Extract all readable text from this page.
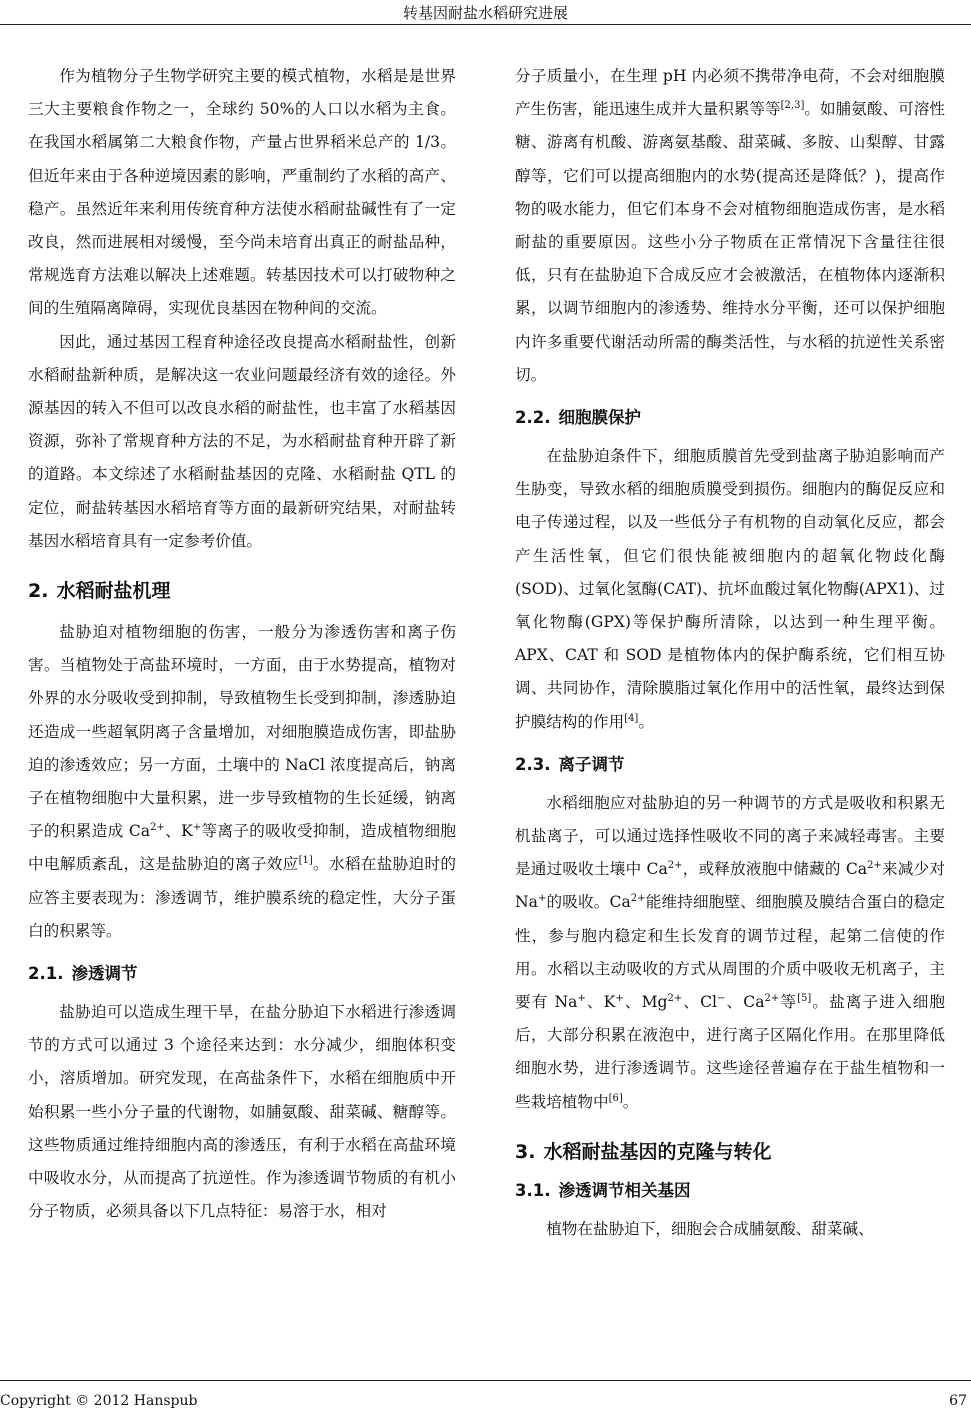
转基因耐盐水稻研究进展

作为植物分子生物学研究主要的模式植物，水稻是是世界三大主要粮食作物之一，全球约 50%的人口以水稻为主食。在我国水稻属第二大粮食作物，产量占世界稻米总产的 1/3。但近年来由于各种逆境因素的影响，严重制约了水稻的高产、稳产。虽然近年来利用传统育种方法使水稻耐盐碱性有了一定改良，然而进展相对缓慢，至今尚未培育出真正的耐盐品种，常规选育方法难以解决上述难题。转基因技术可以打破物种之间的生殖隔离障碍，实现优良基因在物种间的交流。

因此，通过基因工程育种途径改良提高水稻耐盐性，创新水稻耐盐新种质，是解决这一农业问题最经济有效的途径。外源基因的转入不但可以改良水稻的耐盐性，也丰富了水稻基因资源，弥补了常规育种方法的不足，为水稻耐盐育种开辟了新的道路。本文综述了水稻耐盐基因的克隆、水稻耐盐 QTL 的定位，耐盐转基因水稻培育等方面的最新研究结果，对耐盐转基因水稻培育具有一定参考价值。

2. 水稻耐盐机理

盐胁迫对植物细胞的伤害，一般分为渗透伤害和离子伤害。当植物处于高盐环境时，一方面，由于水势提高，植物对外界的水分吸收受到抑制，导致植物生长受到抑制，渗透胁迫还造成一些超氧阴离子含量增加，对细胞膜造成伤害，即盐胁迫的渗透效应；另一方面，土壤中的 NaCl 浓度提高后，钠离子在植物细胞中大量积累，进一步导致植物的生长延缓，钠离子的积累造成 $Ca^{2+}$、K+等离子的吸收受抑制，造成植物细胞中电解质紊乱，这是盐胁迫的离子效应[1]。水稻在盐胁迫时的应答主要表现为：渗透调节，维护膜系统的稳定性，大分子蛋白的积累等。

2.1. 渗透调节

盐胁迫可以造成生理干旱，在盐分胁迫下水稻进行渗透调节的方式可以通过 3 个途径来达到：水分减少，细胞体积变小，溶质增加。研究发现，在高盐条件下，水稻在细胞质中开始积累一些小分子量的代谢物，如脯氨酸、甜菜碱、糖醇等。这些物质通过维持细胞内高的渗透压，有利于水稻在高盐环境中吸收水分，从而提高了抗逆性。作为渗透调节物质的有机小分子物质，必须具备以下几点特征：易溶于水，相对

分子质量小，在生理 pH 内必须不携带净电荷，不会对细胞膜产生伤害，能迅速生成并大量积累等等[2,3]。如脯氨酸、可溶性糖、游离有机酸、游离氨基酸、甜菜碱、多胺、山梨醇、甘露醇等，它们可以提高细胞内的水势(提高还是降低？)，提高作物的吸水能力，但它们本身不会对植物细胞造成伤害，是水稻耐盐的重要原因。这些小分子物质在正常情况下含量往往很低，只有在盐胁迫下合成反应才会被激活，在植物体内逐渐积累，以调节细胞内的渗透势、维持水分平衡，还可以保护细胞内许多重要代谢活动所需的酶类活性，与水稻的抗逆性关系密切。

2.2. 细胞膜保护

在盐胁迫条件下，细胞质膜首先受到盐离子胁迫影响而产生胁变，导致水稻的细胞质膜受到损伤。细胞内的酶促反应和电子传递过程，以及一些低分子有机物的自动氧化反应，都会产生活性氧，但它们很快能被细胞内的超氧化物歧化酶(SOD)、过氧化氢酶(CAT)、抗坏血酸过氧化物酶(APX1)、过氧化物酶(GPX)等保护酶所清除，以达到一种生理平衡。APX、CAT 和 SOD 是植物体内的保护酶系统，它们相互协调、共同协作，清除膜脂过氧化作用中的活性氧，最终达到保护膜结构的作用[4]。

2.3. 离子调节

水稻细胞应对盐胁迫的另一种调节的方式是吸收和积累无机盐离子，可以通过选择性吸收不同的离子来减轻毒害。主要是通过吸收土壤中 $Ca^{2+}$，或释放液胞中储藏的 $Ca^{2+}$来减少对 Na+的吸收。$Ca^{2+}$能维持细胞壁、细胞膜及膜结合蛋白的稳定性，参与胞内稳定和生长发育的调节过程，起第二信使的作用。水稻以主动吸收的方式从周围的介质中吸收无机离子，主要有 Na+、K+、$Mg^{2+}$、Cl−、$Ca^{2+}$等[5]。盐离子进入细胞后，大部分积累在液泡中，进行离子区隔化作用。在那里降低细胞水势，进行渗透调节。这些途径普遍存在于盐生植物和一些栽培植物中[6]。

3. 水稻耐盐基因的克隆与转化
3.1. 渗透调节相关基因

植物在盐胁迫下，细胞会合成脯氨酸、甜菜碱、

Copyright © 2012 Hanspub	67
